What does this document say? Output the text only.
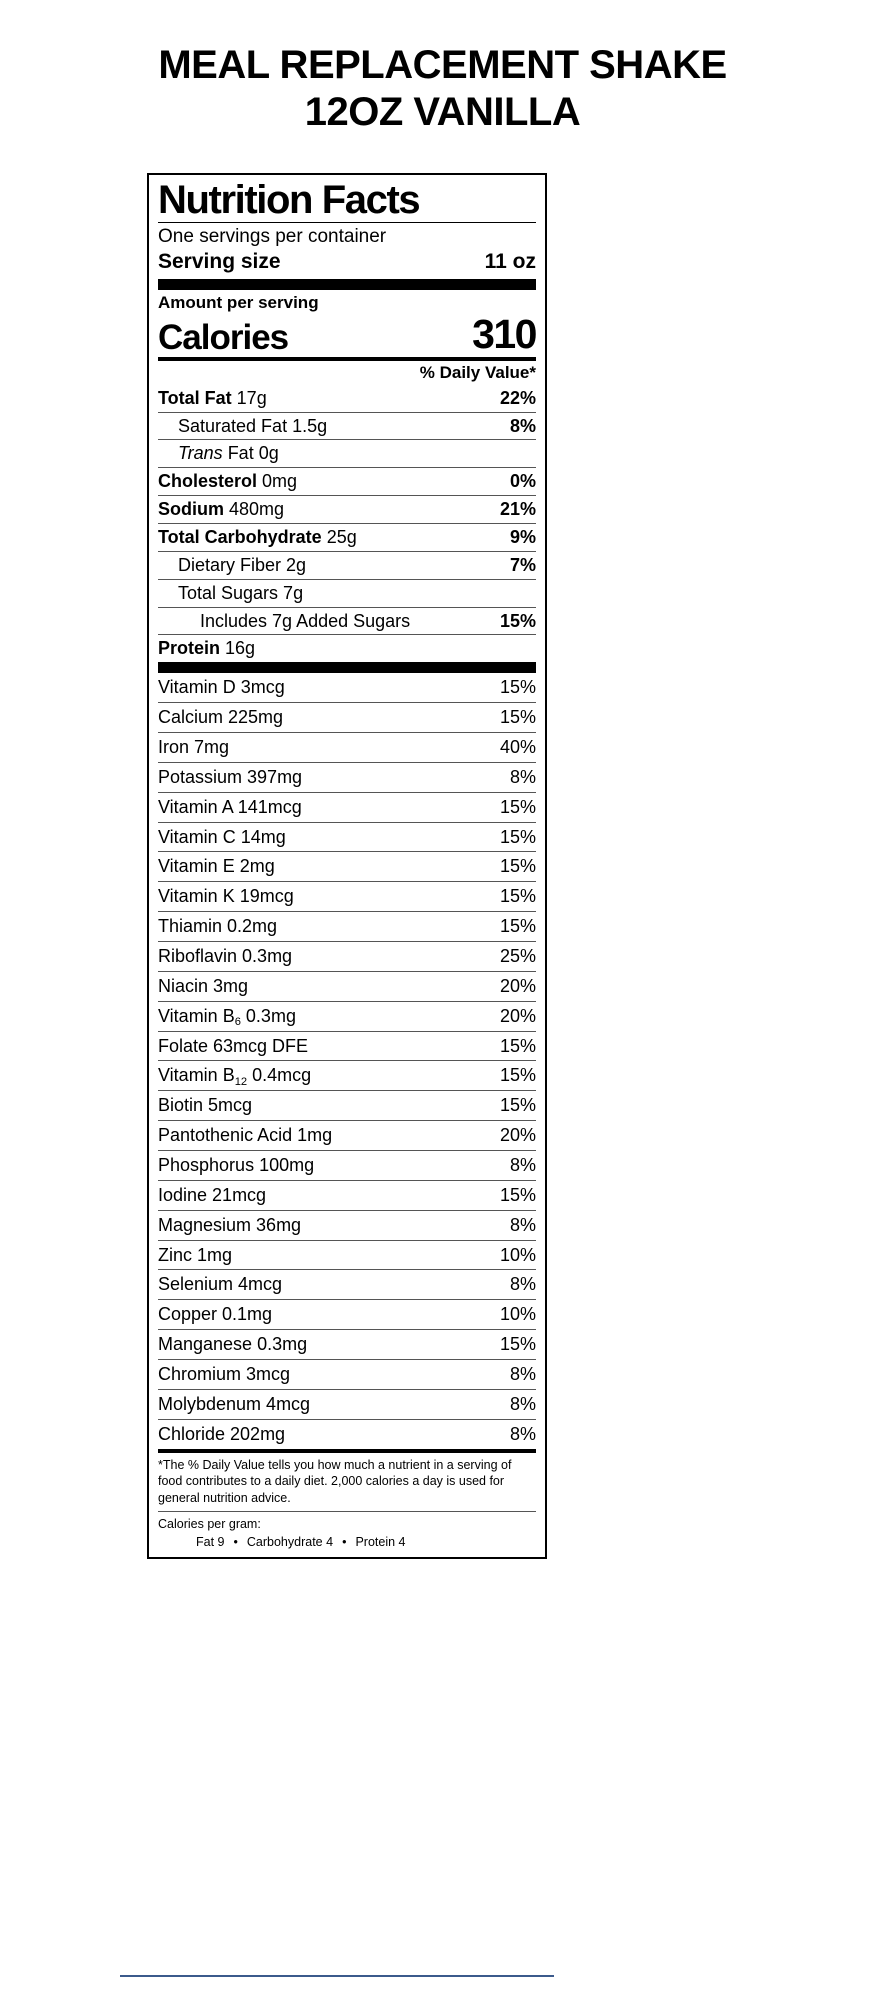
MEAL REPLACEMENT SHAKE
12OZ VANILLA
Nutrition Facts
One servings per container
Serving size	11 oz
Amount per serving
Calories	310
% Daily Value*
Total Fat 17g	22%
Saturated Fat 1.5g	8%
Trans Fat 0g
Cholesterol 0mg	0%
Sodium 480mg	21%
Total Carbohydrate 25g	9%
Dietary Fiber 2g	7%
Total Sugars 7g
Includes 7g Added Sugars	15%
Protein 16g
Vitamin D 3mcg	15%
Calcium 225mg	15%
Iron 7mg	40%
Potassium 397mg	8%
Vitamin A 141mcg	15%
Vitamin C 14mg	15%
Vitamin E 2mg	15%
Vitamin K 19mcg	15%
Thiamin 0.2mg	15%
Riboflavin 0.3mg	25%
Niacin 3mg	20%
Vitamin $B_6$ 0.3mg	20%
Folate 63mcg DFE	15%
Vitamin $B_{12}$ 0.4mcg	15%
Biotin 5mcg	15%
Pantothenic Acid 1mg	20%
Phosphorus 100mg	8%
Iodine 21mcg	15%
Magnesium 36mg	8%
Zinc 1mg	10%
Selenium 4mcg	8%
Copper 0.1mg	10%
Manganese 0.3mg	15%
Chromium 3mcg	8%
Molybdenum 4mcg	8%
Chloride 202mg	8%
*The % Daily Value tells you how much a nutrient in a serving of food contributes to a daily diet. 2,000 calories a day is used for general nutrition advice.
Calories per gram:
Fat 9 • Carbohydrate 4 • Protein 4
